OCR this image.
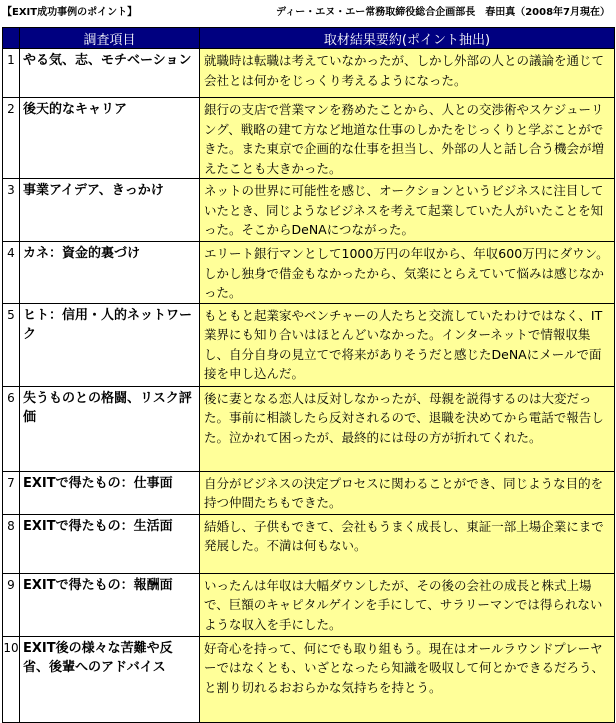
【EXIT成功事例のポイント】	ディー・エヌ・エー常務取締役総合企画部長　春田真（2008年7月現在）
	調査項目	取材結果要約(ポイント抽出)
1	やる気、志、モチベーション	就職時は転職は考えていなかったが、しかし外部の人との議論を通じて会社とは何かをじっくり考えるようになった。
2	後天的なキャリア	銀行の支店で営業マンを務めたことから、人との交渉術やスケジューリング、戦略の建て方など地道な仕事のしかたをじっくりと学ぶことができた。また東京で企画的な仕事を担当し、外部の人と話し合う機会が増えたことも大きかった。
3	事業アイデア、きっかけ	ネットの世界に可能性を感じ、オークションというビジネスに注目していたとき、同じようなビジネスを考えて起業していた人がいたことを知った。そこからDeNAにつながった。
4	カネ：資金的裏づけ	エリート銀行マンとして1000万円の年収から、年収600万円にダウン。しかし独身で借金もなかったから、気楽にとらえていて悩みは感じなかった。
5	ヒト：信用・人的ネットワーク	もともと起業家やベンチャーの人たちと交流していたわけではなく、IT業界にも知り合いはほとんどいなかった。インターネットで情報収集し、自分自身の見立てで将来がありそうだと感じたDeNAにメールで面接を申し込んだ。
6	失うものとの格闘、リスク評価	後に妻となる恋人は反対しなかったが、母親を説得するのは大変だった。事前に相談したら反対されるので、退職を決めてから電話で報告した。泣かれて困ったが、最終的には母の方が折れてくれた。
7	EXITで得たもの：仕事面	自分がビジネスの決定プロセスに関わることができ、同じような目的を持つ仲間たちもできた。
8	EXITで得たもの：生活面	結婚し、子供もできて、会社もうまく成長し、東証一部上場企業にまで発展した。不満は何もない。
9	EXITで得たもの：報酬面	いったんは年収は大幅ダウンしたが、その後の会社の成長と株式上場で、巨額のキャピタルゲインを手にして、サラリーマンでは得られないような収入を手にした。
10	EXIT後の様々な苦難や反省、後輩へのアドバイス	好奇心を持って、何にでも取り組もう。現在はオールラウンドプレーヤーではなくとも、いざとなったら知識を吸収して何とかできるだろう、と割り切れるおおらかな気持ちを持とう。
